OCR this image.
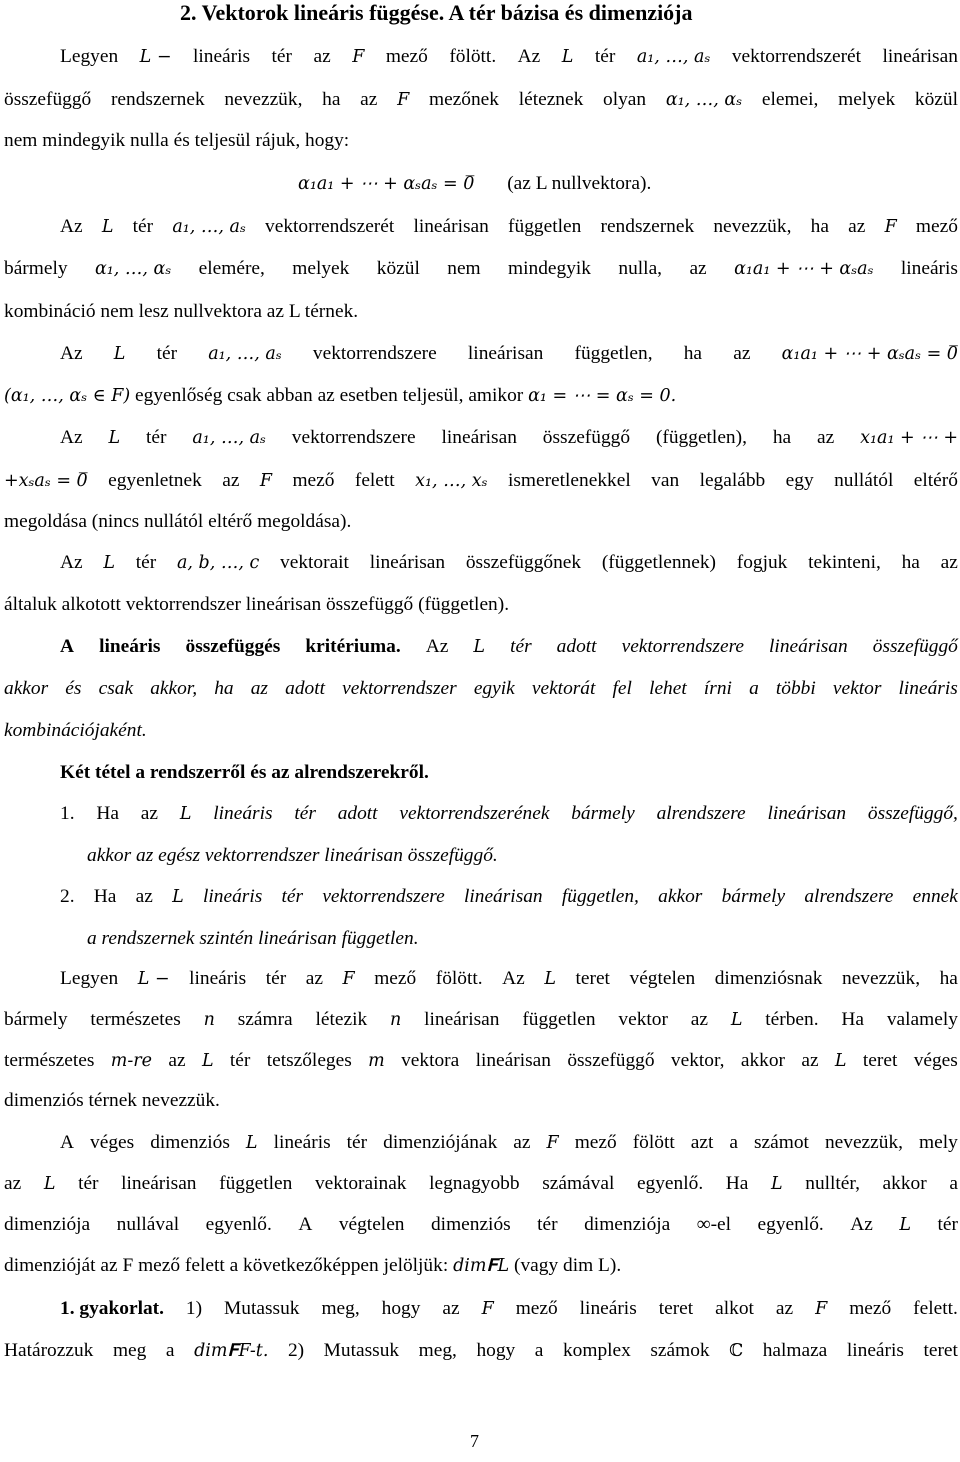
2. Vektorok lineáris függése. A tér bázisa és dimenziója
Legyen L − lineáris tér az F mező fölött. Az L tér a₁, …, aₛ vektorrendszerét lineárisan
összefüggő rendszernek nevezzük, ha az F mezőnek léteznek olyan α₁, …, αₛ elemei, melyek közül
nem mindegyik nulla és teljesül rájuk, hogy:
α₁a₁ + ⋯ + αₛaₛ = 0̅ (az L nullvektora).
Az L tér a₁, …, aₛ vektorrendszerét lineárisan független rendszernek nevezzük, ha az F mező
bármely α₁, …, αₛ elemére, melyek közül nem mindegyik nulla, az α₁a₁ + ⋯ + αₛaₛ lineáris
kombináció nem lesz nullvektora az L térnek.
Az L tér a₁, …, aₛ vektorrendszere lineárisan független, ha az α₁a₁ + ⋯ + αₛaₛ = 0̅
(α₁, …, αₛ ∈ F) egyenlőség csak abban az esetben teljesül, amikor α₁ = ⋯ = αₛ = 0.
Az L tér a₁, …, aₛ vektorrendszere lineárisan összefüggő (független), ha az x₁a₁ + ⋯ +
+xₛaₛ = 0̅ egyenletnek az F mező felett x₁, …, xₛ ismeretlenekkel van legalább egy nullától eltérő
megoldása (nincs nullától eltérő megoldása).
Az L tér a, b, …, c vektorait lineárisan összefüggőnek (függetlennek) fogjuk tekinteni, ha az
általuk alkotott vektorrendszer lineárisan összefüggő (független).
A lineáris összefüggés kritériuma. Az L tér adott vektorrendszere lineárisan összefüggő
akkor és csak akkor, ha az adott vektorrendszer egyik vektorát fel lehet írni a többi vektor lineáris
kombinációjaként.
Két tétel a rendszerről és az alrendszerekről.
1. Ha az L lineáris tér adott vektorrendszerének bármely alrendszere lineárisan összefüggő,
akkor az egész vektorrendszer lineárisan összefüggő.
2. Ha az L lineáris tér vektorrendszere lineárisan független, akkor bármely alrendszere ennek
a rendszernek szintén lineárisan független.
Legyen L − lineáris tér az F mező fölött. Az L teret végtelen dimenziósnak nevezzük, ha
bármely természetes n számra létezik n lineárisan független vektor az L térben. Ha valamely
természetes m-re az L tér tetszőleges m vektora lineárisan összefüggő vektor, akkor az L teret véges
dimenziós térnek nevezzük.
A véges dimenziós L lineáris tér dimenziójának az F mező fölött azt a számot nevezzük, mely
az L tér lineárisan független vektorainak legnagyobb számával egyenlő. Ha L nulltér, akkor a
dimenziója nullával egyenlő. A végtelen dimenziós tér dimenziója ∞-el egyenlő. Az L tér
dimenzióját az F mező felett a következőképpen jelöljük: dim𝐅L (vagy dim L).
1. gyakorlat. 1) Mutassuk meg, hogy az F mező lineáris teret alkot az F mező felett.
Határozzuk meg a dim𝐅F-t. 2) Mutassuk meg, hogy a komplex számok ℂ halmaza lineáris teret
7
